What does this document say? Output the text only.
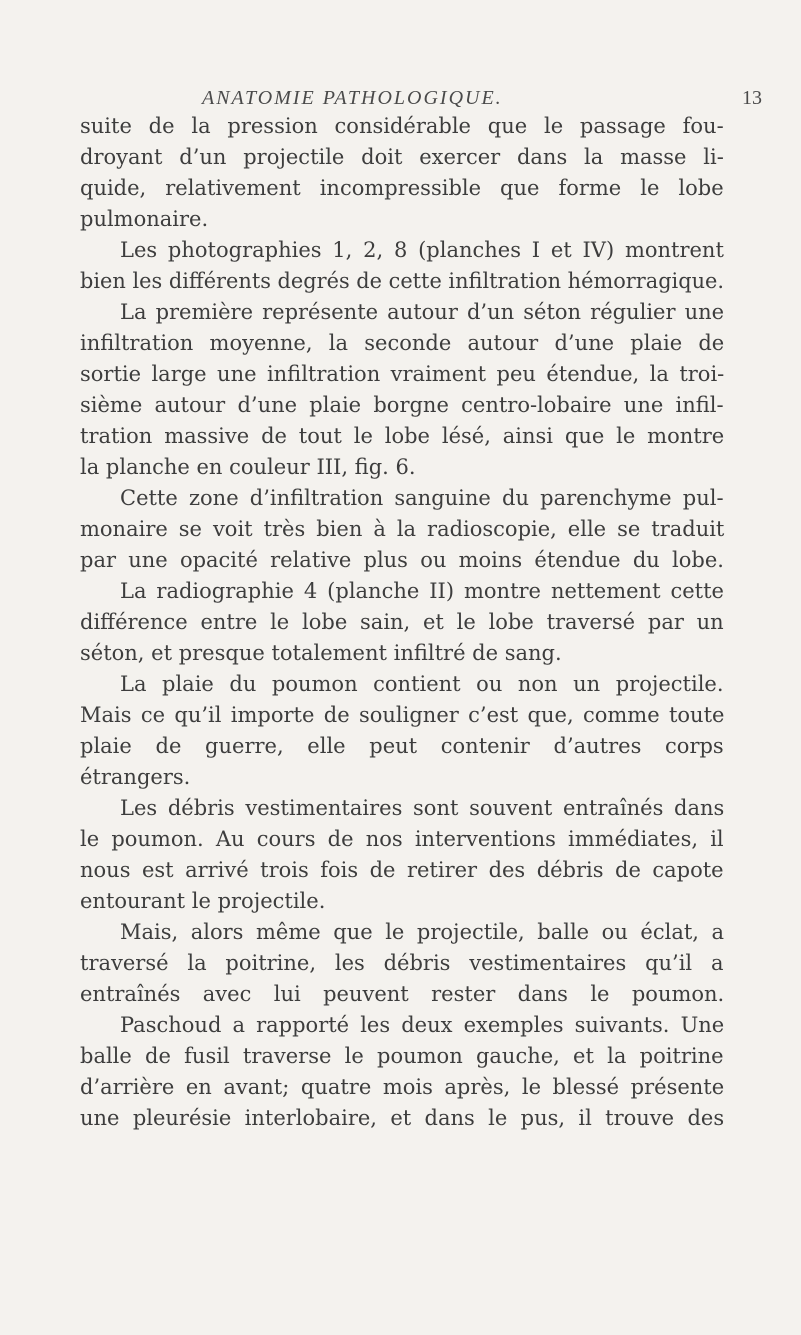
ANATOMIE PATHOLOGIQUE.	13
suite de la pression considérable que le passage fou-
droyant d’un projectile doit exercer dans la masse li-
quide, relativement incompressible que forme le lobe
pulmonaire.
Les photographies 1, 2, 8 (planches I et IV) montrent
bien les différents degrés de cette infiltration hémorragique.
La première représente autour d’un séton régulier une
infiltration moyenne, la seconde autour d’une plaie de
sortie large une infiltration vraiment peu étendue, la troi-
sième autour d’une plaie borgne centro-lobaire une infil-
tration massive de tout le lobe lésé, ainsi que le montre
la planche en couleur III, fig. 6.
Cette zone d’infiltration sanguine du parenchyme pul-
monaire se voit très bien à la radioscopie, elle se traduit
par une opacité relative plus ou moins étendue du lobe.
La radiographie 4 (planche II) montre nettement cette
différence entre le lobe sain, et le lobe traversé par un
séton, et presque totalement infiltré de sang.
La plaie du poumon contient ou non un projectile.
Mais ce qu’il importe de souligner c’est que, comme toute
plaie de guerre, elle peut contenir d’autres corps
étrangers.
Les débris vestimentaires sont souvent entraînés dans
le poumon. Au cours de nos interventions immédiates, il
nous est arrivé trois fois de retirer des débris de capote
entourant le projectile.
Mais, alors même que le projectile, balle ou éclat, a
traversé la poitrine, les débris vestimentaires qu’il a
entraînés avec lui peuvent rester dans le poumon.
Paschoud a rapporté les deux exemples suivants. Une
balle de fusil traverse le poumon gauche, et la poitrine
d’arrière en avant; quatre mois après, le blessé présente
une pleurésie interlobaire, et dans le pus, il trouve des
